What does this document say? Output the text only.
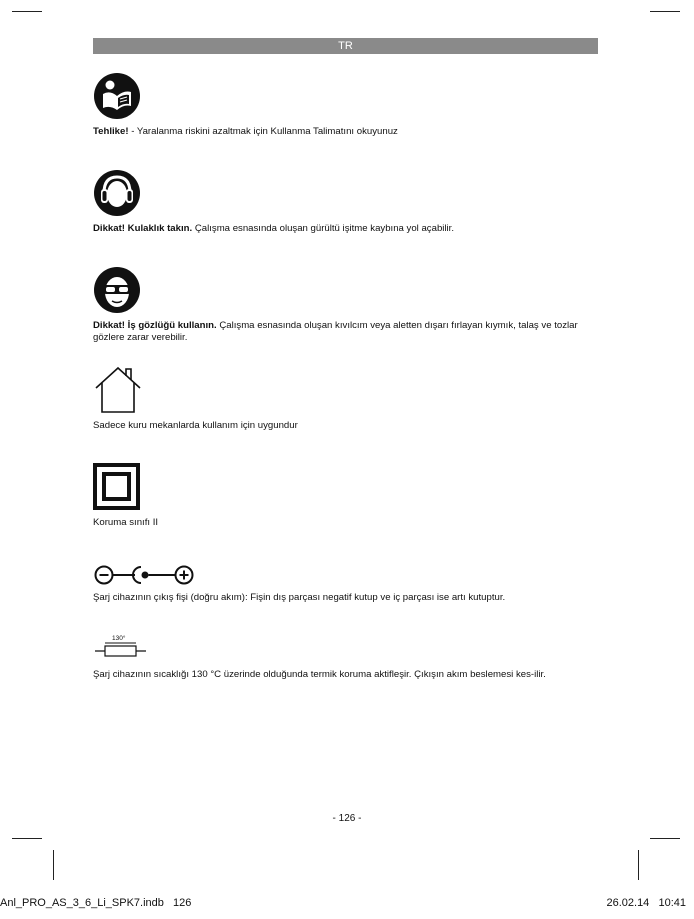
TR
Tehlike! - Yaralanma riskini azaltmak için Kullanma Talimatını okuyunuz
Dikkat! Kulaklık takın. Çalışma esnasında oluşan gürültü işitme kaybına yol açabilir.
Dikkat! İş gözlüğü kullanın. Çalışma esnasında oluşan kıvılcım veya aletten dışarı fırlayan kıymık, talaş ve tozlar gözlere zarar verebilir.
Sadece kuru mekanlarda kullanım için uygundur
Koruma sınıfı II
Şarj cihazının çıkış fişi (doğru akım): Fişin dış parçası negatif kutup ve iç parçası ise artı kutuptur.
130°
Şarj cihazının sıcaklığı 130 °C üzerinde olduğunda termik koruma aktifleşir. Çıkışın akım beslemesi kes-ilir.
- 126 -
Anl_PRO_AS_3_6_Li_SPK7.indb   126	26.02.14   10:41
